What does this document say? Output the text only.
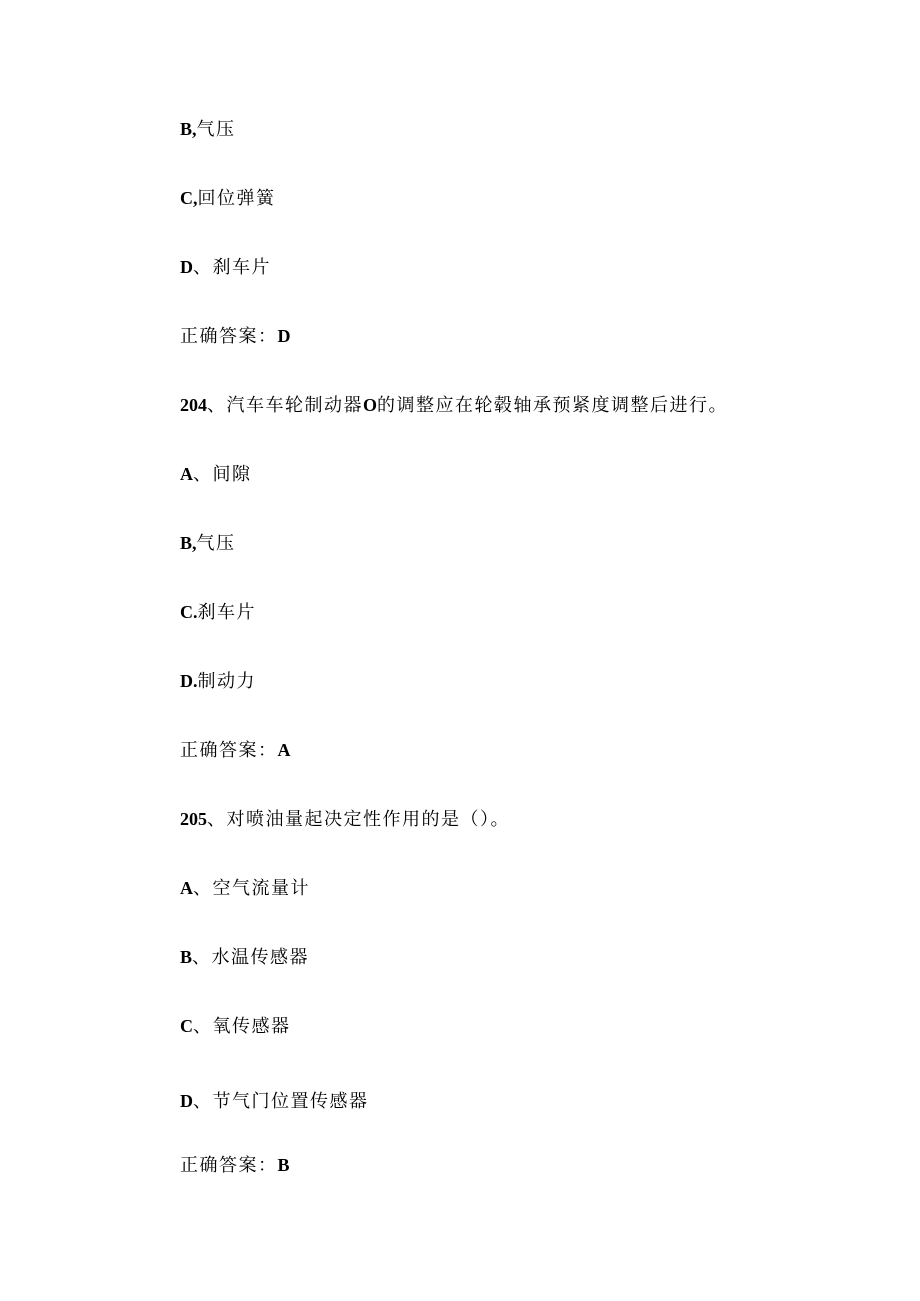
B,气压
C,回位弹簧
D、刹车片
正确答案：D
204、汽车车轮制动器O的调整应在轮毂轴承预紧度调整后进行。
A、间隙
B,气压
C.刹车片
D.制动力
正确答案：A
205、对喷油量起决定性作用的是（）。
A、空气流量计
B、水温传感器
C、氧传感器
D、节气门位置传感器
正确答案：B
